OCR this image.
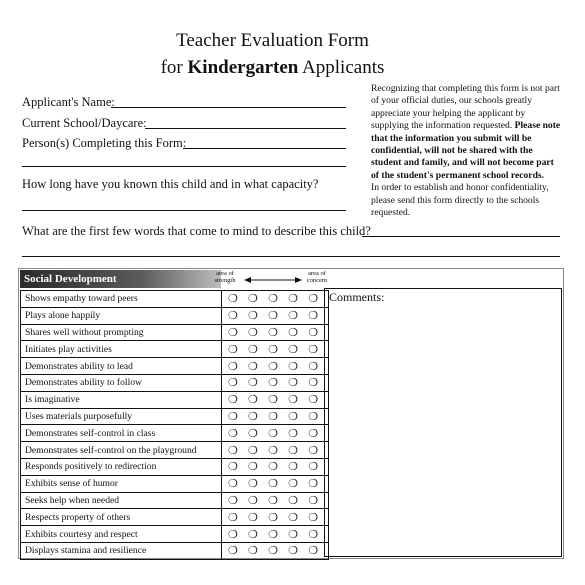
Teacher Evaluation Form
for Kindergarten Applicants
Applicant's Name:
Current School/Daycare:
Person(s) Completing this Form:
How long have you known this child and in what capacity?
What are the first few words that come to mind to describe this child?
Recognizing that completing this form is not part of your official duties, our schools greatly appreciate your helping the applicant by supplying the information requested. Please note that the information you submit will be confidential, will not be shared with the student and family, and will not become part of the student's permanent school records.
In order to establish and honor confidentiality, please send this form directly to the schools requested.
Social Development	area of strength
area of concern
Shows empathy toward peers	❍❍❍❍❍
Plays alone happily	❍❍❍❍❍
Shares well without prompting	❍❍❍❍❍
Initiates play activities	❍❍❍❍❍
Demonstrates ability to lead	❍❍❍❍❍
Demonstrates ability to follow	❍❍❍❍❍
Is imaginative	❍❍❍❍❍
Uses materials purposefully	❍❍❍❍❍
Demonstrates self-control in class	❍❍❍❍❍
Demonstrates self-control on the playground	❍❍❍❍❍
Responds positively to redirection	❍❍❍❍❍
Exhibits sense of humor	❍❍❍❍❍
Seeks help when needed	❍❍❍❍❍
Respects property of others	❍❍❍❍❍
Exhibits courtesy and respect	❍❍❍❍❍
Displays stamina and resilience	❍❍❍❍❍
Comments:
